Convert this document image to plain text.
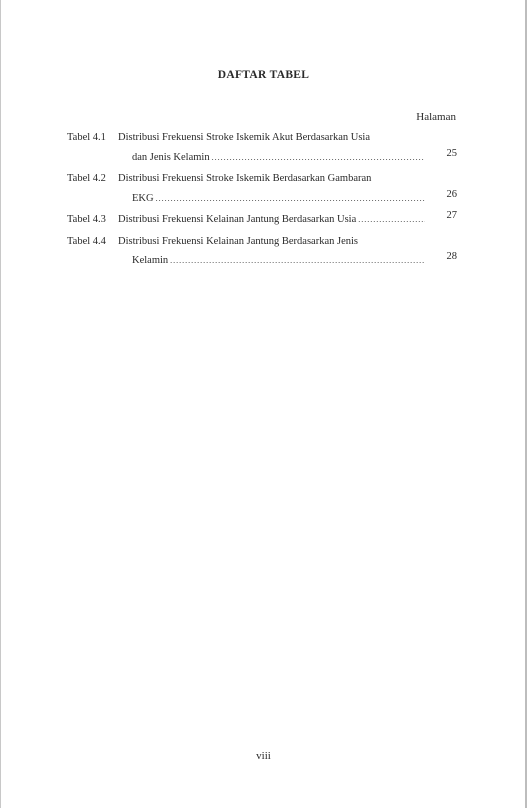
DAFTAR TABEL
Halaman
Tabel 4.1	Distribusi Frekuensi Stroke Iskemik Akut Berdasarkan Usia
dan Jenis Kelamin .....	25
Tabel 4.2	Distribusi Frekuensi Stroke Iskemik Berdasarkan Gambaran
EKG .....	26
Tabel 4.3	Distribusi Frekuensi Kelainan Jantung Berdasarkan Usia .....	27
Tabel 4.4	Distribusi Frekuensi Kelainan Jantung Berdasarkan Jenis
Kelamin .....	28
viii
